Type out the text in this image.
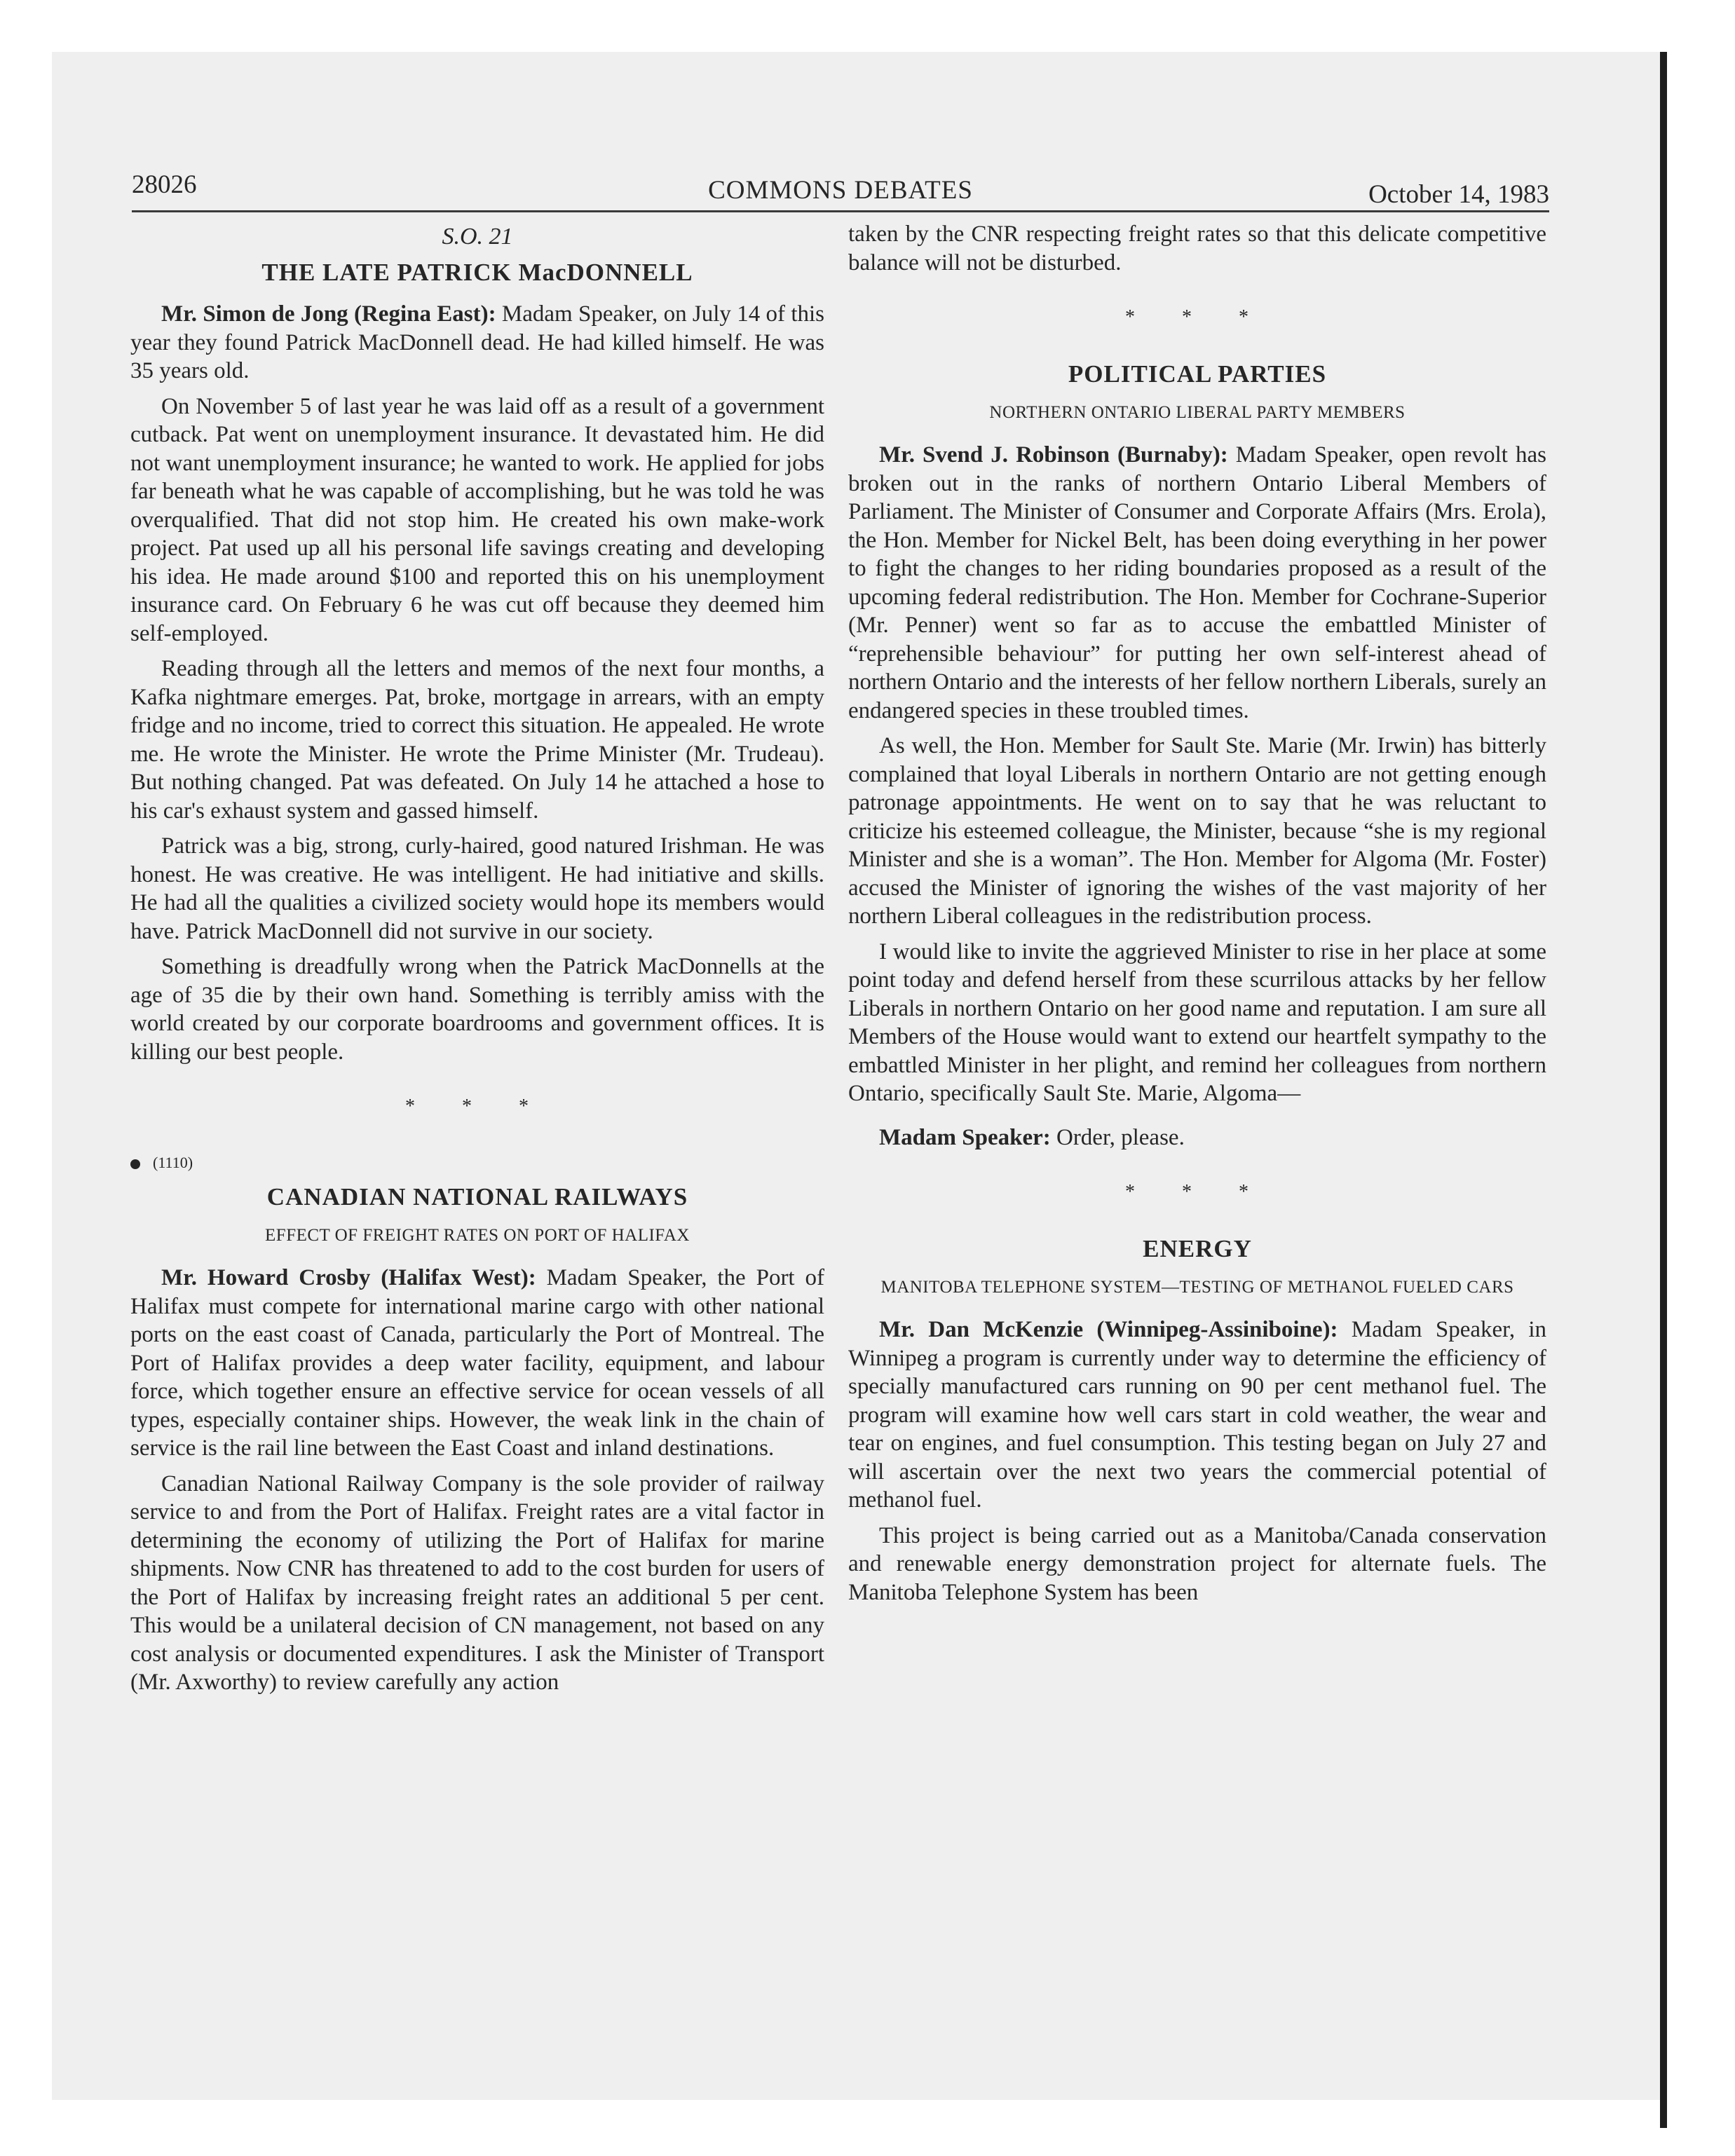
28026	COMMONS DEBATES	October 14, 1983
S.O. 21
THE LATE PATRICK MacDONNELL

Mr. Simon de Jong (Regina East): Madam Speaker, on July 14 of this year they found Patrick MacDonnell dead. He had killed himself. He was 35 years old.

On November 5 of last year he was laid off as a result of a government cutback. Pat went on unemployment insurance. It devastated him. He did not want unemployment insurance; he wanted to work. He applied for jobs far beneath what he was capable of accomplishing, but he was told he was overqualified. That did not stop him. He created his own make-work project. Pat used up all his personal life savings creating and developing his idea. He made around $100 and reported this on his unemployment insurance card. On February 6 he was cut off because they deemed him self-employed.

Reading through all the letters and memos of the next four months, a Kafka nightmare emerges. Pat, broke, mortgage in arrears, with an empty fridge and no income, tried to correct this situation. He appealed. He wrote me. He wrote the Minister. He wrote the Prime Minister (Mr. Trudeau). But nothing changed. Pat was defeated. On July 14 he attached a hose to his car's exhaust system and gassed himself.

Patrick was a big, strong, curly-haired, good natured Irishman. He was honest. He was creative. He was intelligent. He had initiative and skills. He had all the qualities a civilized society would hope its members would have. Patrick MacDonnell did not survive in our society.

Something is dreadfully wrong when the Patrick MacDonnells at the age of 35 die by their own hand. Something is terribly amiss with the world created by our corporate boardrooms and government offices. It is killing our best people.

* * *
(1110)
CANADIAN NATIONAL RAILWAYS
EFFECT OF FREIGHT RATES ON PORT OF HALIFAX

Mr. Howard Crosby (Halifax West): Madam Speaker, the Port of Halifax must compete for international marine cargo with other national ports on the east coast of Canada, particularly the Port of Montreal. The Port of Halifax provides a deep water facility, equipment, and labour force, which together ensure an effective service for ocean vessels of all types, especially container ships. However, the weak link in the chain of service is the rail line between the East Coast and inland destinations.

Canadian National Railway Company is the sole provider of railway service to and from the Port of Halifax. Freight rates are a vital factor in determining the economy of utilizing the Port of Halifax for marine shipments. Now CNR has threatened to add to the cost burden for users of the Port of Halifax by increasing freight rates an additional 5 per cent. This would be a unilateral decision of CN management, not based on any cost analysis or documented expenditures. I ask the Minister of Transport (Mr. Axworthy) to review carefully any action

taken by the CNR respecting freight rates so that this delicate competitive balance will not be disturbed.

* * *
POLITICAL PARTIES
NORTHERN ONTARIO LIBERAL PARTY MEMBERS

Mr. Svend J. Robinson (Burnaby): Madam Speaker, open revolt has broken out in the ranks of northern Ontario Liberal Members of Parliament. The Minister of Consumer and Corporate Affairs (Mrs. Erola), the Hon. Member for Nickel Belt, has been doing everything in her power to fight the changes to her riding boundaries proposed as a result of the upcoming federal redistribution. The Hon. Member for Cochrane-Superior (Mr. Penner) went so far as to accuse the embattled Minister of “reprehensible behaviour” for putting her own self-interest ahead of northern Ontario and the interests of her fellow northern Liberals, surely an endangered species in these troubled times.

As well, the Hon. Member for Sault Ste. Marie (Mr. Irwin) has bitterly complained that loyal Liberals in northern Ontario are not getting enough patronage appointments. He went on to say that he was reluctant to criticize his esteemed colleague, the Minister, because “she is my regional Minister and she is a woman”. The Hon. Member for Algoma (Mr. Foster) accused the Minister of ignoring the wishes of the vast majority of her northern Liberal colleagues in the redistribution process.

I would like to invite the aggrieved Minister to rise in her place at some point today and defend herself from these scurrilous attacks by her fellow Liberals in northern Ontario on her good name and reputation. I am sure all Members of the House would want to extend our heartfelt sympathy to the embattled Minister in her plight, and remind her colleagues from northern Ontario, specifically Sault Ste. Marie, Algoma—

Madam Speaker: Order, please.

* * *
ENERGY
MANITOBA TELEPHONE SYSTEM—TESTING OF METHANOL FUELED CARS

Mr. Dan McKenzie (Winnipeg-Assiniboine): Madam Speaker, in Winnipeg a program is currently under way to determine the efficiency of specially manufactured cars running on 90 per cent methanol fuel. The program will examine how well cars start in cold weather, the wear and tear on engines, and fuel consumption. This testing began on July 27 and will ascertain over the next two years the commercial potential of methanol fuel.

This project is being carried out as a Manitoba/Canada conservation and renewable energy demonstration project for alternate fuels. The Manitoba Telephone System has been
